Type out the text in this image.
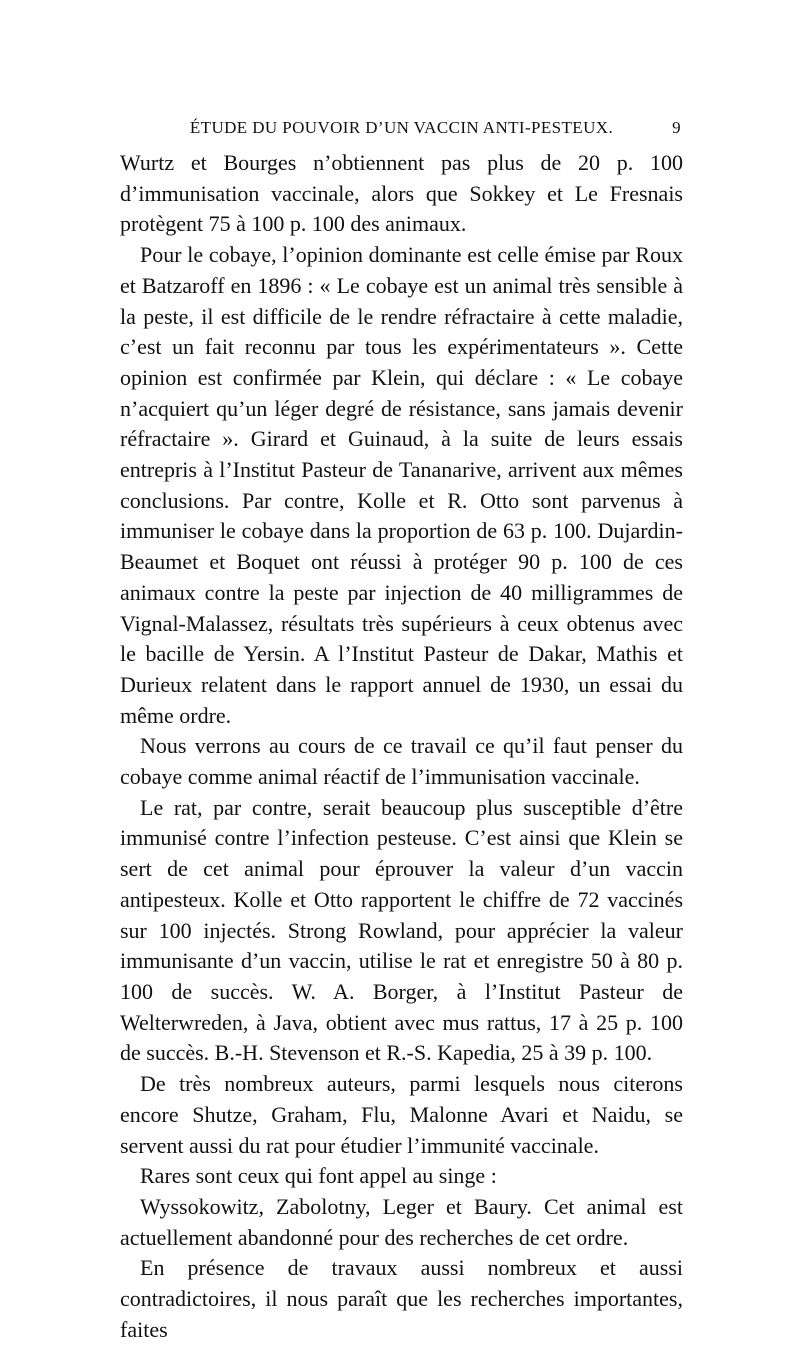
ÉTUDE DU POUVOIR D’UN VACCIN ANTI-PESTEUX.	9

Wurtz et Bourges n’obtiennent pas plus de 20 p. 100 d’immunisation vaccinale, alors que Sokkey et Le Fresnais protègent 75 à 100 p. 100 des animaux.

Pour le cobaye, l’opinion dominante est celle émise par Roux et Batzaroff en 1896 : « Le cobaye est un animal très sensible à la peste, il est difficile de le rendre réfractaire à cette maladie, c’est un fait reconnu par tous les expérimentateurs ». Cette opinion est confirmée par Klein, qui déclare : « Le cobaye n’acquiert qu’un léger degré de résistance, sans jamais devenir réfractaire ». Girard et Guinaud, à la suite de leurs essais entrepris à l’Institut Pasteur de Tananarive, arrivent aux mêmes conclusions. Par contre, Kolle et R. Otto sont parvenus à immuniser le cobaye dans la proportion de 63 p. 100. Dujardin-Beaumet et Boquet ont réussi à protéger 90 p. 100 de ces animaux contre la peste par injection de 40 milligrammes de Vignal-Malassez, résultats très supérieurs à ceux obtenus avec le bacille de Yersin. A l’Institut Pasteur de Dakar, Mathis et Durieux relatent dans le rapport annuel de 1930, un essai du même ordre.

Nous verrons au cours de ce travail ce qu’il faut penser du cobaye comme animal réactif de l’immunisation vaccinale.

Le rat, par contre, serait beaucoup plus susceptible d’être immunisé contre l’infection pesteuse. C’est ainsi que Klein se sert de cet animal pour éprouver la valeur d’un vaccin antipesteux. Kolle et Otto rapportent le chiffre de 72 vaccinés sur 100 injectés. Strong Rowland, pour apprécier la valeur immunisante d’un vaccin, utilise le rat et enregistre 50 à 80 p. 100 de succès. W. A. Borger, à l’Institut Pasteur de Welterwreden, à Java, obtient avec mus rattus, 17 à 25 p. 100 de succès. B.-H. Stevenson et R.-S. Kapedia, 25 à 39 p. 100.

De très nombreux auteurs, parmi lesquels nous citerons encore Shutze, Graham, Flu, Malonne Avari et Naidu, se servent aussi du rat pour étudier l’immunité vaccinale.

Rares sont ceux qui font appel au singe :

Wyssokowitz, Zabolotny, Leger et Baury. Cet animal est actuellement abandonné pour des recherches de cet ordre.

En présence de travaux aussi nombreux et aussi contradictoires, il nous paraît que les recherches importantes, faites
